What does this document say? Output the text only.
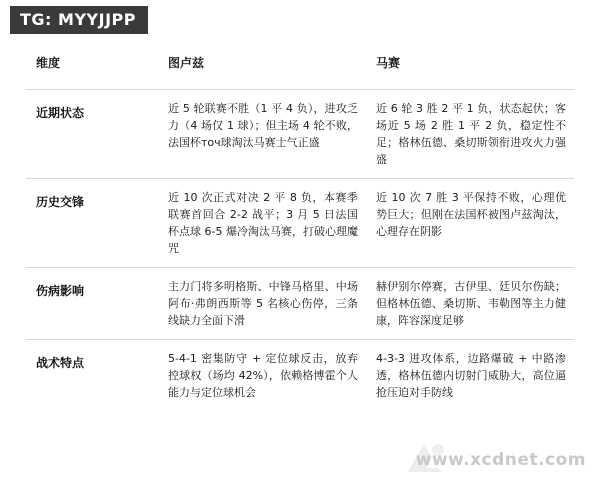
TG: MYYJJPP
维度	图卢兹	马赛
近期状态	近 5 轮联赛不胜（1 平 4 负），进攻乏力（4 场仅 1 球）；但主场 4 轮不败，法国杯точ球淘汰马赛士气正盛	近 6 轮 3 胜 2 平 1 负，状态起伏；客场近 5 场 2 胜 1 平 2 负，稳定性不足；格林伍德、桑切斯领衔进攻火力强盛
历史交锋	近 10 次正式对决 2 平 8 负，本赛季联赛首回合 2-2 战平；3 月 5 日法国杯点球 6-5 爆冷淘汰马赛，打破心理魔咒	近 10 次 7 胜 3 平保持不败，心理优势巨大；但刚在法国杯被图卢兹淘汰，心理存在阴影
伤病影响	主力门将多明格斯、中锋马格里、中场阿布·弗朗西斯等 5 名核心伤停，三条线缺力全面下滑	赫伊别尔停赛，古伊里、廷贝尔伤缺；但格林伍德、桑切斯、韦勒图等主力健康，阵容深度足够
战术特点	5-4-1 密集防守 + 定位球反击，放弃控球权（场均 42%），依赖格博霍个人能力与定位球机会	4-3-3 进攻体系，边路爆破 + 中路渗透，格林伍德内切射门威胁大，高位逼抢压迫对手防线
www.xcdnet.com
